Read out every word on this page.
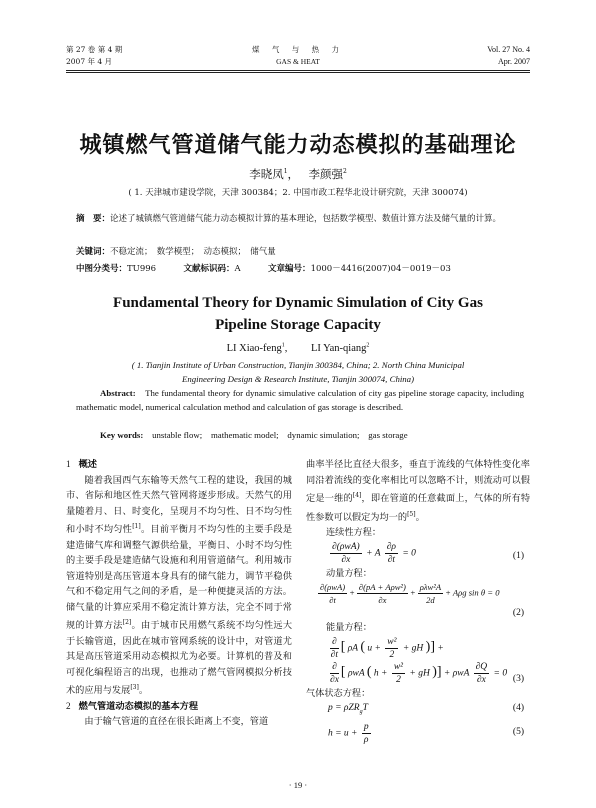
第 27 卷 第 4 期
2007 年 4 月
煤 气 与 热 力
GAS & HEAT
Vol. 27 No. 4
Apr. 2007
城镇燃气管道储气能力动态模拟的基础理论
李晓凤$^1$，　 李颜强$^2$
( 1. 天津城市建设学院，天津 300384；2. 中国市政工程华北设计研究院，天津 300074)
摘　要：论述了城镇燃气管道储气能力动态模拟计算的基本理论，包括数学模型、数值计算方法及储气量的计算。
关键词：不稳定流；　数学模型；　动态模拟；　储气量
中图分类号：TU996	文献标识码：A	文章编号：1000－4416(2007)04－0019－03
Fundamental Theory for Dynamic Simulation of City Gas
Pipeline Storage Capacity
LI Xiao-feng$^1$,　　 LI Yan-qiang$^2$
( 1. Tianjin Institute of Urban Construction, Tianjin 300384, China; 2. North China Municipal
Engineering Design & Research Institute, Tianjin 300074, China)
Abstract:　 The fundamental theory for dynamic simulative calculation of city gas pipeline storage capacity, including mathematic model, numerical calculation method and calculation of gas storage is described.
Key words:　 unstable flow;　mathematic model;　dynamic simulation;　gas storage
1 概述

随着我国西气东输等天然气工程的建设，我国的城市、省际和地区性天然气管网将逐步形成。天然气的用量随着月、日、时变化，呈现月不均匀性、日不均匀性和小时不均匀性[1]。目前平衡月不均匀性的主要手段是建造储气库和调整气源供给量，平衡日、小时不均匀性的主要手段是建造储气设施和利用管道储气。利用城市管道特别是高压管道本身具有的储气能力，调节平稳供气和不稳定用气之间的矛盾，是一种便捷灵活的方法。储气量的计算应采用不稳定流计算方法，完全不同于常规的计算方法[2]。由于城市民用燃气系统不均匀性远大于长输管道，因此在城市管网系统的设计中，对管道尤其是高压管道采用动态模拟尤为必要。计算机的普及和可视化编程语言的出现，也推动了燃气管网模拟分析技术的应用与发展[3]。

2 燃气管道动态模拟的基本方程

由于输气管道的直径在很长距离上不变，管道

曲率半径比直径大很多，垂直于流线的气体特性变化率同沿着流线的变化率相比可以忽略不计，则流动可以假定是一维的[4]，即在管道的任意截面上，气体的所有特性参数可以假定为均一的[5]。

连续性方程：
$\frac{\text{∂(ρwA)}}{\partial x} + A \frac{\partial\rho}{\partial t} = 0$	(1)
动量方程：
$\frac{\text{∂(ρwA)}}{\partial t} + \frac{\text{∂(pA + Aρw²)}}{\partial x} + \frac{\text{ρλw²A}}{2d} + A\rho g$ sin θ = 0
(2)
能量方程：
$\frac{\partial}{\partial t}$ [ ρA ( $u + \frac{\text{w²}}{2}$ + gH )] +
$\frac{\partial}{\partial x}$ [ ρwA ( $h + \frac{\text{w²}}{2}$ + gH )] + ρwA $\frac{\partial Q}{\partial x} = 0$
(3)
气体状态方程：
p = ρZR$_g$T	(4)
$h = u + \frac{p}{\rho}$	(5)
· 19 ·
